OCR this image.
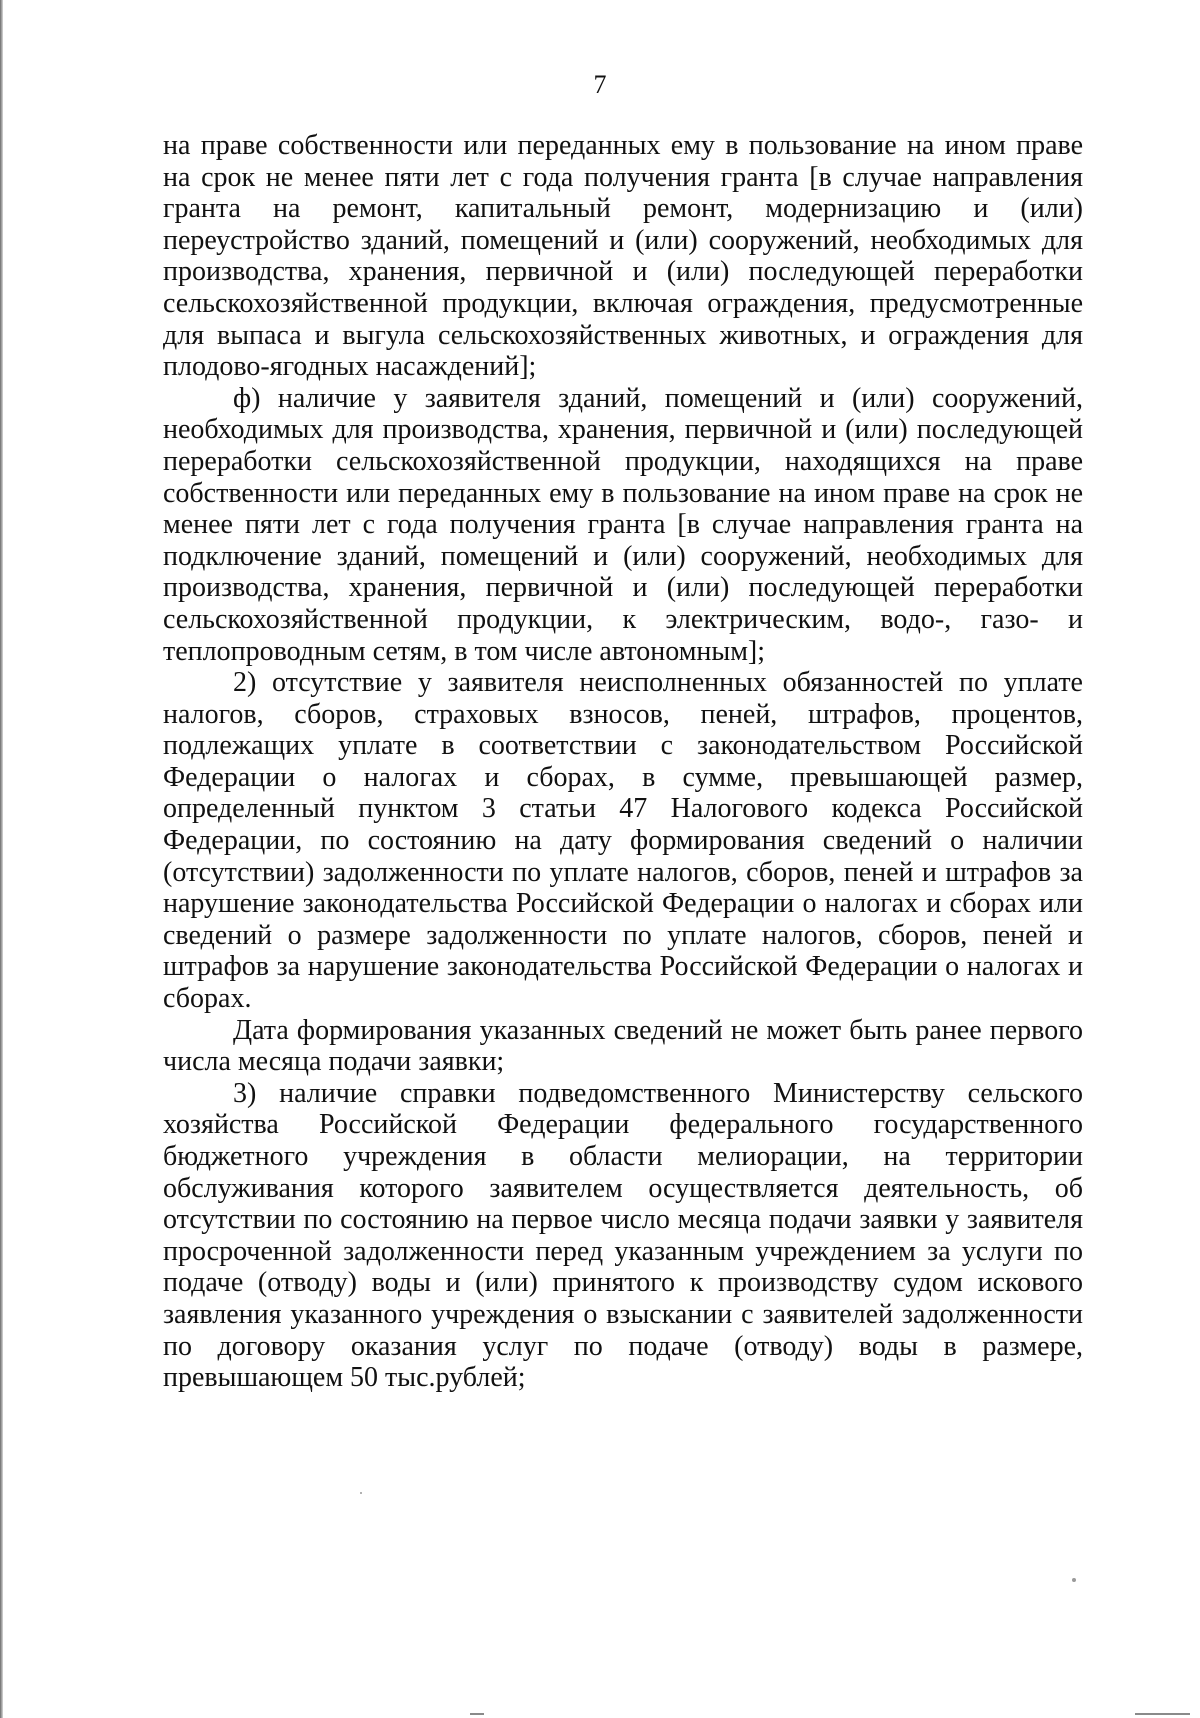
7

на праве собственности или переданных ему в пользование на ином праве на срок не менее пяти лет с года получения гранта [в случае направления гранта на ремонт, капитальный ремонт, модернизацию и (или) переустройство зданий, помещений и (или) сооружений, необходимых для производства, хранения, первичной и (или) последующей переработки сельскохозяйственной продукции, включая ограждения, предусмотренные для выпаса и выгула сельскохозяйственных животных, и ограждения для плодово-ягодных насаждений];

ф) наличие у заявителя зданий, помещений и (или) сооружений, необходимых для производства, хранения, первичной и (или) последующей переработки сельскохозяйственной продукции, находящихся на праве собственности или переданных ему в пользование на ином праве на срок не менее пяти лет с года получения гранта [в случае направления гранта на подключение зданий, помещений и (или) сооружений, необходимых для производства, хранения, первичной и (или) последующей переработки сельскохозяйственной продукции, к электрическим, водо-, газо- и теплопроводным сетям, в том числе автономным];

2) отсутствие у заявителя неисполненных обязанностей по уплате налогов, сборов, страховых взносов, пеней, штрафов, процентов, подлежащих уплате в соответствии с законодательством Российской Федерации о налогах и сборах, в сумме, превышающей размер, определенный пунктом 3 статьи 47 Налогового кодекса Российской Федерации, по состоянию на дату формирования сведений о наличии (отсутствии) задолженности по уплате налогов, сборов, пеней и штрафов за нарушение законодательства Российской Федерации о налогах и сборах или сведений о размере задолженности по уплате налогов, сборов, пеней и штрафов за нарушение законодательства Российской Федерации о налогах и сборах.

Дата формирования указанных сведений не может быть ранее первого числа месяца подачи заявки;

3) наличие справки подведомственного Министерству сельского хозяйства Российской Федерации федерального государственного бюджетного учреждения в области мелиорации, на территории обслуживания которого заявителем осуществляется деятельность, об отсутствии по состоянию на первое число месяца подачи заявки у заявителя просроченной задолженности перед указанным учреждением за услуги по подаче (отводу) воды и (или) принятого к производству судом искового заявления указанного учреждения о взыскании с заявителей задолженности по договору оказания услуг по подаче (отводу) воды в размере, превышающем 50 тыс.рублей;
